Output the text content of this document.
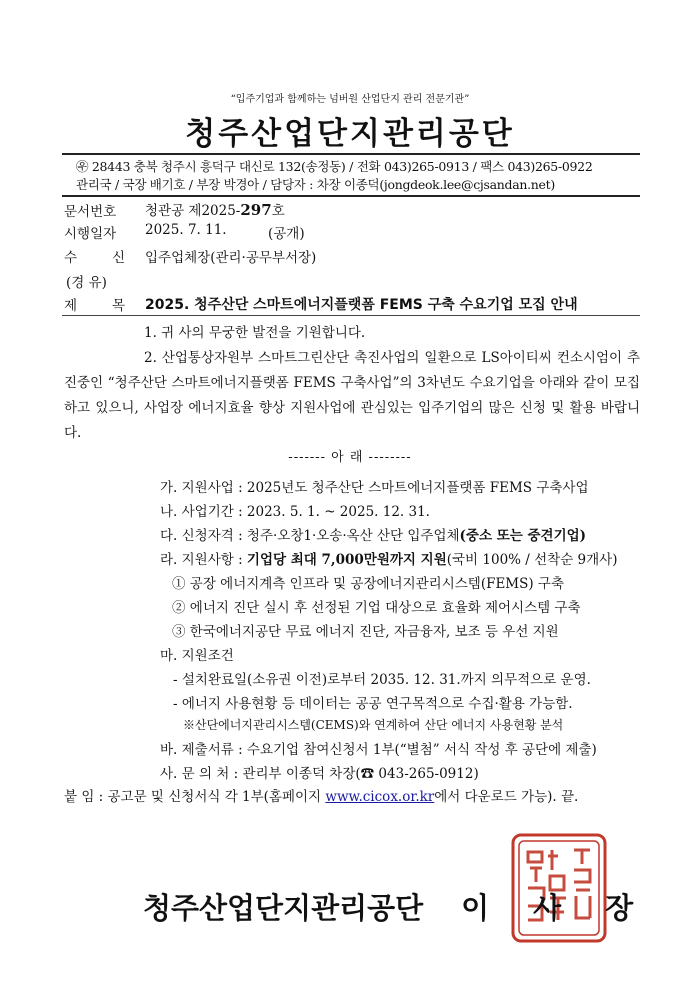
“입주기업과 함께하는 넘버원 산업단지 관리 전문기관”
청주산업단지관리공단
㉾ 28443 충북 청주시 흥덕구 대신로 132(송정동) / 전화 043)265-0913 / 팩스 043)265-0922
관리국 / 국장 배기호 / 부장 박경아 / 담당자 : 차장 이종덕(jongdeok.lee@cjsandan.net)
문서번호 청관공 제2025-297호
시행일자 2025. 7. 11.	(공개)
수	신 입주업체장(관리·공무부서장)
(경 유)
제	목 2025. 청주산단 스마트에너지플랫폼 FEMS 구축 수요기업 모집 안내
1. 귀 사의 무궁한 발전을 기원합니다.
2. 산업통상자원부 스마트그린산단 촉진사업의 일환으로 LS아이티씨 컨소시엄이 추진중인 “청주산단 스마트에너지플랫폼 FEMS 구축사업”의 3차년도 수요기업을 아래와 같이 모집하고 있으니, 사업장 에너지효율 향상 지원사업에 관심있는 입주기업의 많은 신청 및 활용 바랍니다.
------- 아 래 --------
가. 지원사업 : 2025년도 청주산단 스마트에너지플랫폼 FEMS 구축사업
나. 사업기간 : 2023. 5. 1. ~ 2025. 12. 31.
다. 신청자격 : 청주·오창1·오송·옥산 산단 입주업체(중소 또는 중견기업)
라. 지원사항 : 기업당 최대 7,000만원까지 지원(국비 100% / 선착순 9개사)
① 공장 에너지계측 인프라 및 공장에너지관리시스템(FEMS) 구축
② 에너지 진단 실시 후 선정된 기업 대상으로 효율화 제어시스템 구축
③ 한국에너지공단 무료 에너지 진단, 자금융자, 보조 등 우선 지원
마. 지원조건
- 설치완료일(소유권 이전)로부터 2035. 12. 31.까지 의무적으로 운영.
- 에너지 사용현황 등 데이터는 공공 연구목적으로 수집·활용 가능함.
※산단에너지관리시스템(CEMS)와 연계하여 산단 에너지 사용현황 분석
바. 제출서류 : 수요기업 참여신청서 1부(“별첨” 서식 작성 후 공단에 제출)
사. 문 의 처 : 관리부 이종덕 차장(☎ 043-265-0912)
붙 임 : 공고문 및 신청서식 각 1부(홈페이지 www.cicox.or.kr에서 다운로드 가능). 끝.
청주산업단지관리공단 이 사 장
